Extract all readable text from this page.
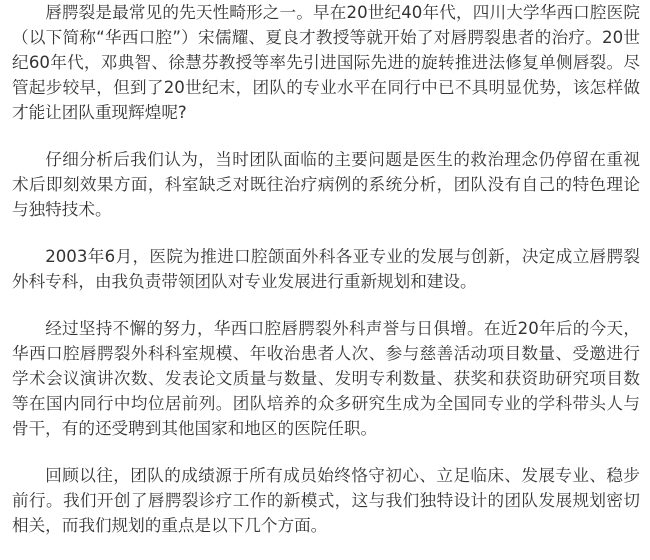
唇腭裂是最常见的先天性畸形之一。早在20世纪40年代，四川大学华西口腔医院（以下简称“华西口腔”）宋儒耀、夏良才教授等就开始了对唇腭裂患者的治疗。20世纪60年代，邓典智、徐慧芬教授等率先引进国际先进的旋转推进法修复单侧唇裂。尽管起步较早，但到了20世纪末，团队的专业水平在同行中已不具明显优势，该怎样做才能让团队重现辉煌呢?

仔细分析后我们认为，当时团队面临的主要问题是医生的救治理念仍停留在重视术后即刻效果方面，科室缺乏对既往治疗病例的系统分析，团队没有自己的特色理论与独特技术。

2003年6月，医院为推进口腔颌面外科各亚专业的发展与创新，决定成立唇腭裂外科专科，由我负责带领团队对专业发展进行重新规划和建设。

经过坚持不懈的努力，华西口腔唇腭裂外科声誉与日俱增。在近20年后的今天，华西口腔唇腭裂外科科室规模、年收治患者人次、参与慈善活动项目数量、受邀进行学术会议演讲次数、发表论文质量与数量、发明专利数量、获奖和获资助研究项目数等在国内同行中均位居前列。团队培养的众多研究生成为全国同专业的学科带头人与骨干，有的还受聘到其他国家和地区的医院任职。

回顾以往，团队的成绩源于所有成员始终恪守初心、立足临床、发展专业、稳步前行。我们开创了唇腭裂诊疗工作的新模式，这与我们独特设计的团队发展规划密切相关，而我们规划的重点是以下几个方面。
